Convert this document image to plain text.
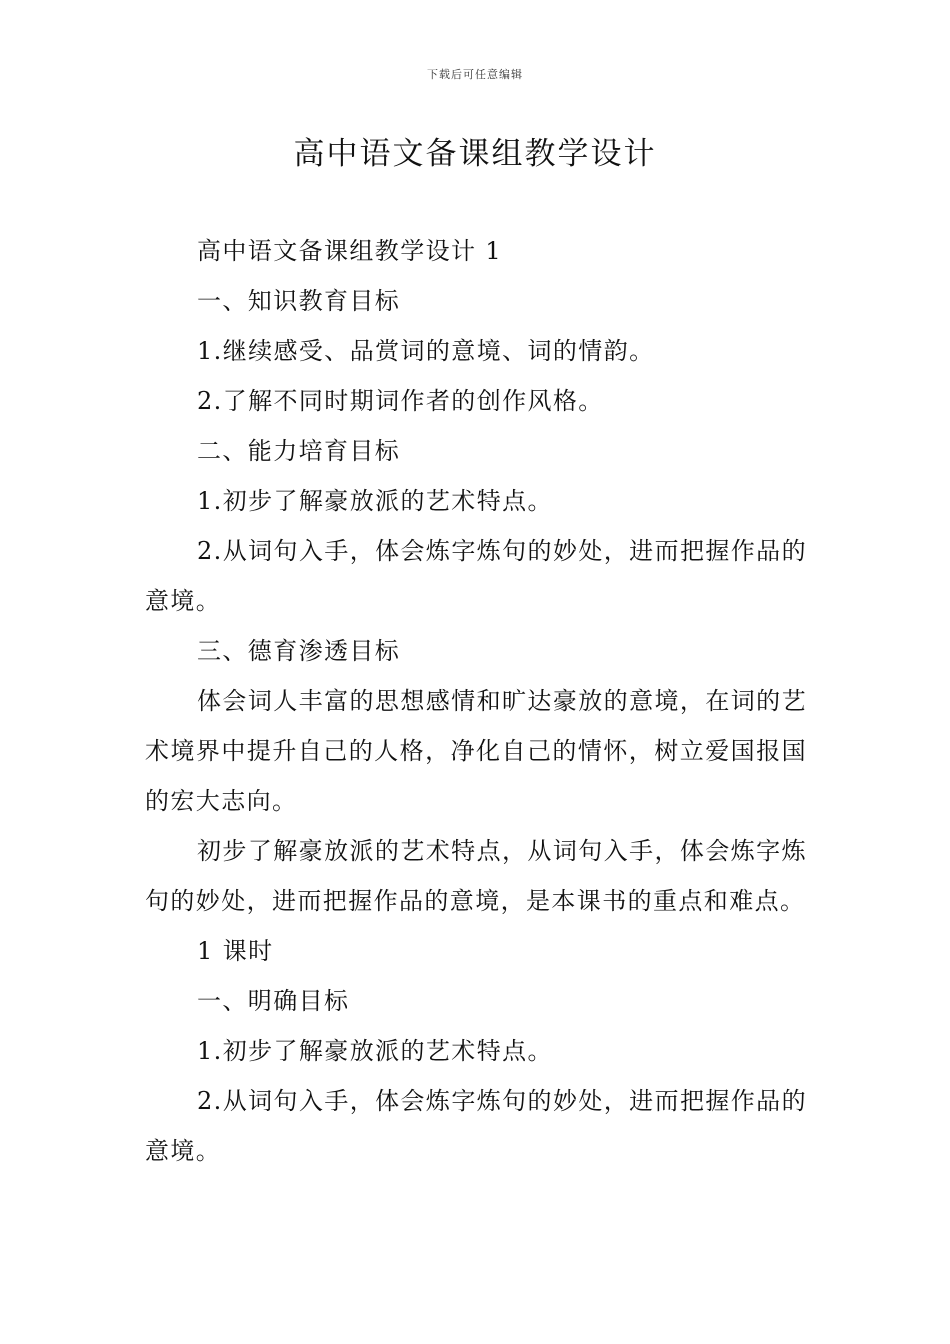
下载后可任意编辑
高中语文备课组教学设计

高中语文备课组教学设计 1

一、知识教育目标

1.继续感受、品赏词的意境、词的情韵。

2.了解不同时期词作者的创作风格。

二、能力培育目标

1.初步了解豪放派的艺术特点。

2.从词句入手，体会炼字炼句的妙处，进而把握作品的意境。

三、德育渗透目标

体会词人丰富的思想感情和旷达豪放的意境，在词的艺术境界中提升自己的人格，净化自己的情怀，树立爱国报国的宏大志向。

初步了解豪放派的艺术特点，从词句入手，体会炼字炼句的妙处，进而把握作品的意境，是本课书的重点和难点。

1 课时

一、明确目标

1.初步了解豪放派的艺术特点。

2.从词句入手，体会炼字炼句的妙处，进而把握作品的意境。
